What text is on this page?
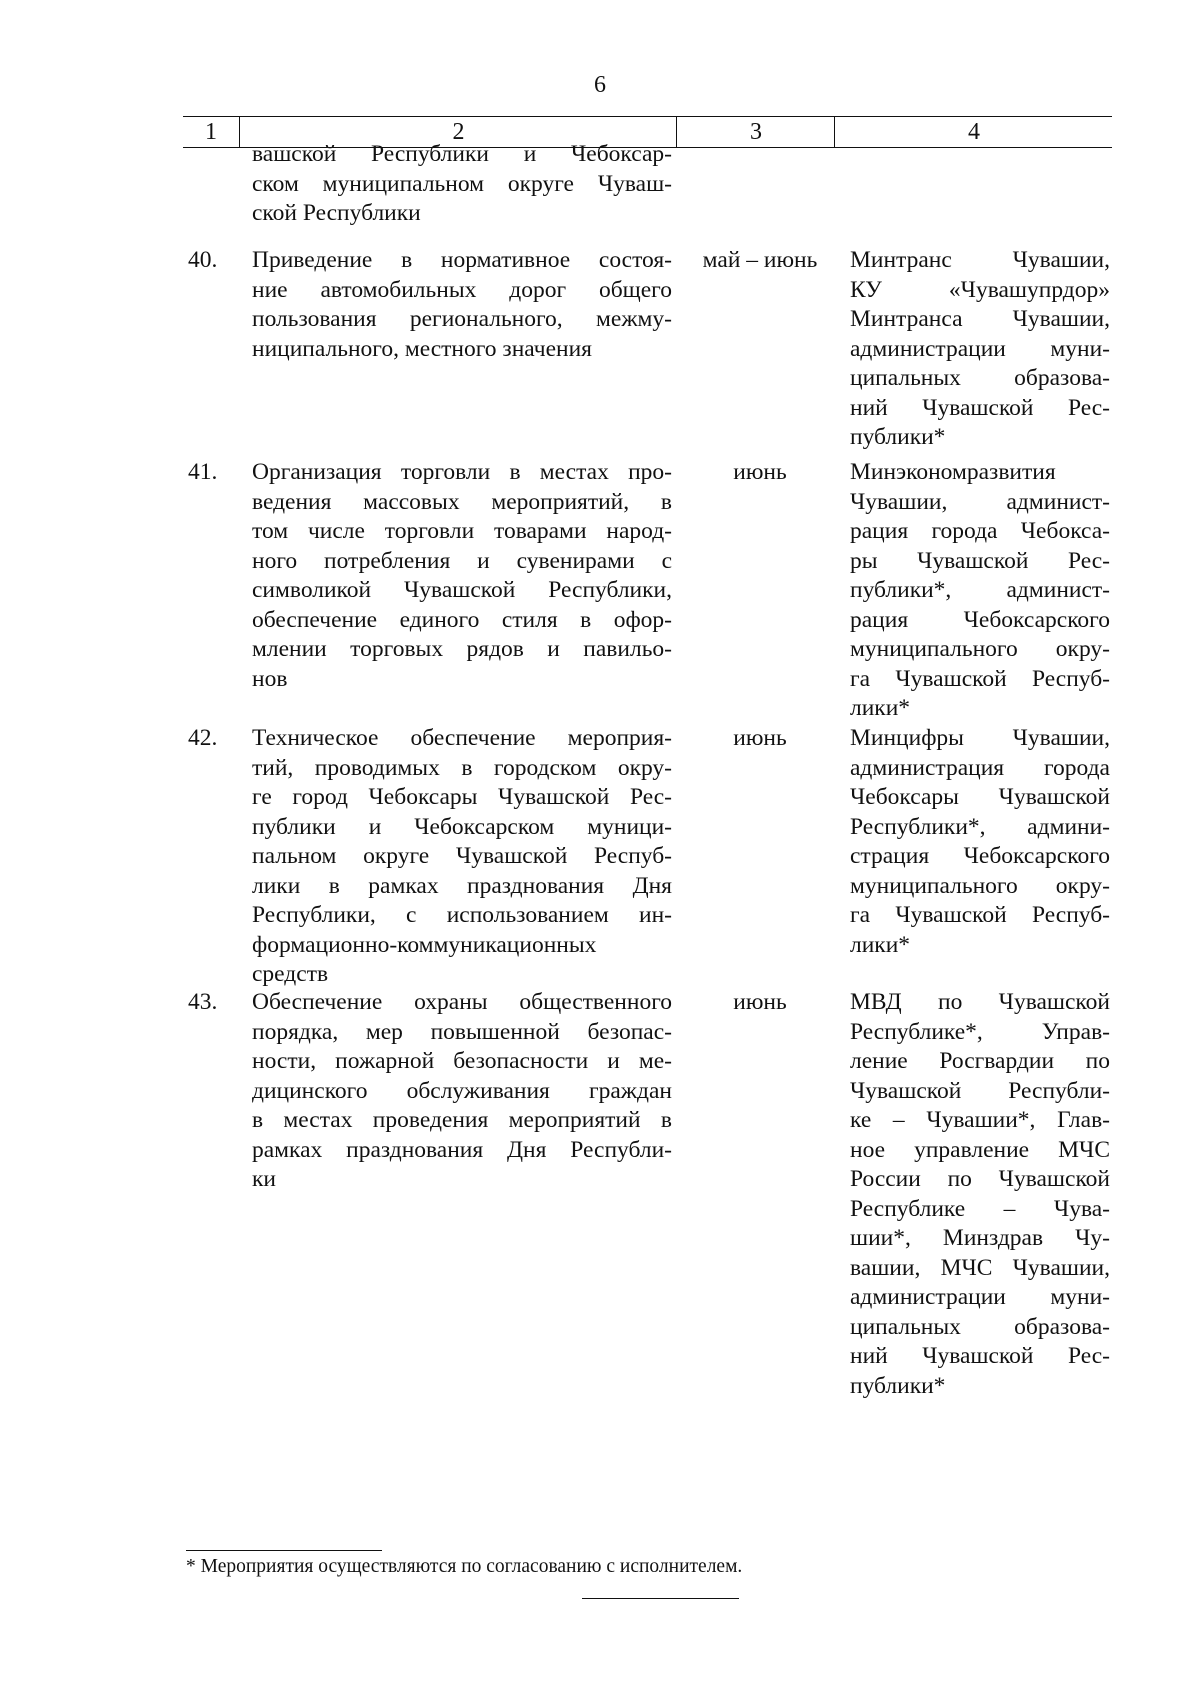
6
1	2	3	4
вашской Республики и Чебоксар-
ском муниципальном округе Чуваш-
ской Республики
40.	Приведение в нормативное состоя-
ние автомобильных дорог общего
пользования регионального, межму-
ниципального, местного значения
май – июнь	Минтранс Чувашии,
КУ «Чувашупрдор»
Минтранса Чувашии,
администрации муни-
ципальных образова-
ний Чувашской Рес-
публики*
41.	Организация торговли в местах про-
ведения массовых мероприятий, в
том числе торговли товарами народ-
ного потребления и сувенирами с
символикой Чувашской Республики,
обеспечение единого стиля в офор-
млении торговых рядов и павильо-
нов
июнь	Минэкономразвития
Чувашии, админист-
рация города Чебокса-
ры Чувашской Рес-
публики*, админист-
рация Чебоксарского
муниципального окру-
га Чувашской Респуб-
лики*
42.	Техническое обеспечение мероприя-
тий, проводимых в городском окру-
ге город Чебоксары Чувашской Рес-
публики и Чебоксарском муници-
пальном округе Чувашской Респуб-
лики в рамках празднования Дня
Республики, с использованием ин-
формационно-коммуникационных
средств
июнь	Минцифры Чувашии,
администрация города
Чебоксары Чувашской
Республики*, админи-
страция Чебоксарского
муниципального окру-
га Чувашской Респуб-
лики*
43.	Обеспечение охраны общественного
порядка, мер повышенной безопас-
ности, пожарной безопасности и ме-
дицинского обслуживания граждан
в местах проведения мероприятий в
рамках празднования Дня Республи-
ки
июнь	МВД по Чувашской
Республике*, Управ-
ление Росгвардии по
Чувашской Республи-
ке – Чувашии*, Глав-
ное управление МЧС
России по Чувашской
Республике – Чува-
шии*, Минздрав Чу-
вашии, МЧС Чувашии,
администрации муни-
ципальных образова-
ний Чувашской Рес-
публики*
* Мероприятия осуществляются по согласованию с исполнителем.
